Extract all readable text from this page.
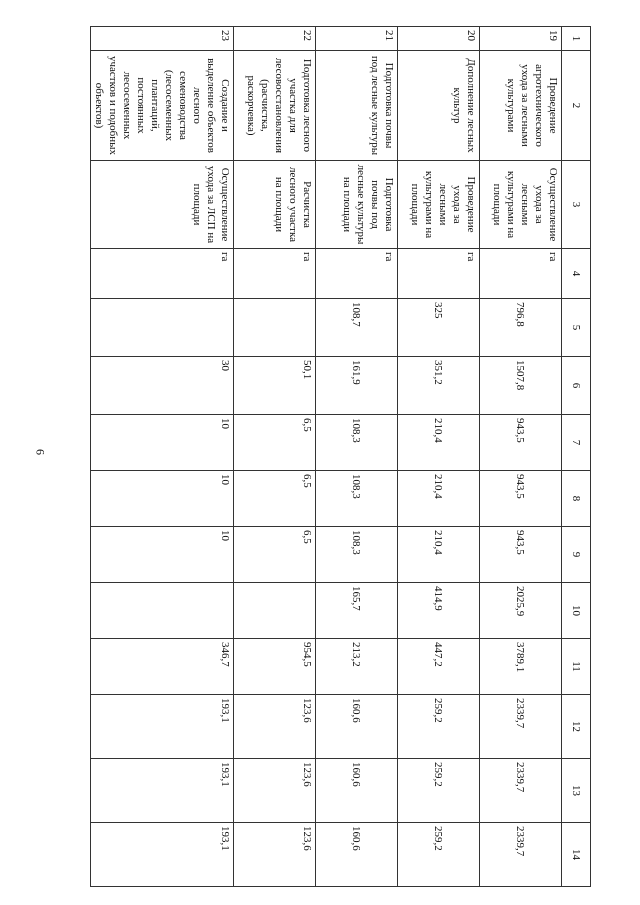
6
1	2	3	4	5	6	7	8	9	10	11	12	13	14
19	Проведение агротехнического ухода за лесными культурами	Осуществление ухода за лесными культурами на площади	га	796,8	1507,8	943,5	943,5	943,5	2025,9	3789,1	2339,7	2339,7	2339,7
20	Дополнение лесных культур	Проведение ухода за лесными культурами на площади	га	325	351,2	210,4	210,4	210,4	414,9	447,2	259,2	259,2	259,2
21	Подготовка почвы под лесные культуры	Подготовка почвы под лесные культуры на площади	га	108,7	161,9	108,3	108,3	108,3	165,7	213,2	160,6	160,6	160,6
22	Подготовка лесного участка для лесовосстановления (расчистка, раскорчевка)	Расчистка лесного участка на площади	га		50,1	6,5	6,5	6,5		954,5	123,6	123,6	123,6
23	Создание и выделение объектов лесного семеноводства (лесосеменных плантаций, постоянных лесосеменных участков и подобных объектов)	Осуществление ухода за ЛСП на площади	га		30	10	10	10		346,7	193,1	193,1	193,1
